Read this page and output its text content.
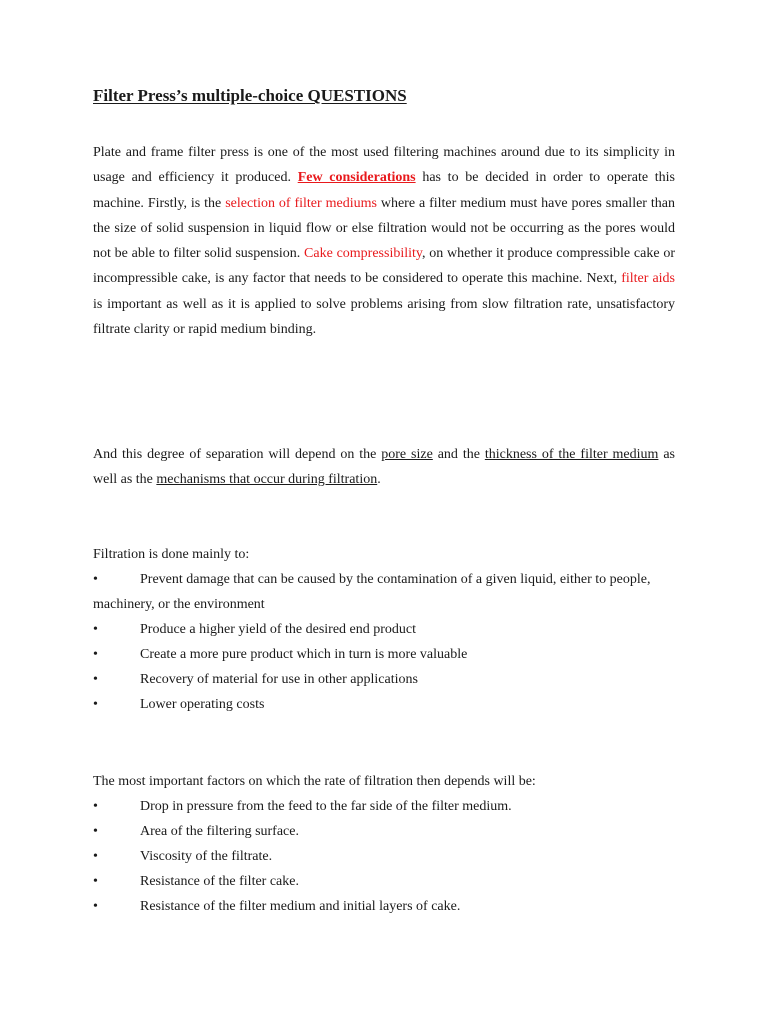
Filter Press’s multiple-choice QUESTIONS

Plate and frame filter press is one of the most used filtering machines around due to its simplicity in usage and efficiency it produced. Few considerations has to be decided in order to operate this machine. Firstly, is the selection of filter mediums where a filter medium must have pores smaller than the size of solid suspension in liquid flow or else filtration would not be occurring as the pores would not be able to filter solid suspension. Cake compressibility, on whether it produce compressible cake or incompressible cake, is any factor that needs to be considered to operate this machine. Next, filter aids is important as well as it is applied to solve problems arising from slow filtration rate, unsatisfactory filtrate clarity or rapid medium binding.

And this degree of separation will depend on the pore size and the thickness of the filter medium as well as the mechanisms that occur during filtration.

Filtration is done mainly to:

•	Prevent damage that can be caused by the contamination of a given liquid, either to people, machinery, or the environment
•	Produce a higher yield of the desired end product
•	Create a more pure product which in turn is more valuable
•	Recovery of material for use in other applications
•	Lower operating costs

The most important factors on which the rate of filtration then depends will be:

•	Drop in pressure from the feed to the far side of the filter medium.
•	Area of the filtering surface.
•	Viscosity of the filtrate.
•	Resistance of the filter cake.
•	Resistance of the filter medium and initial layers of cake.
